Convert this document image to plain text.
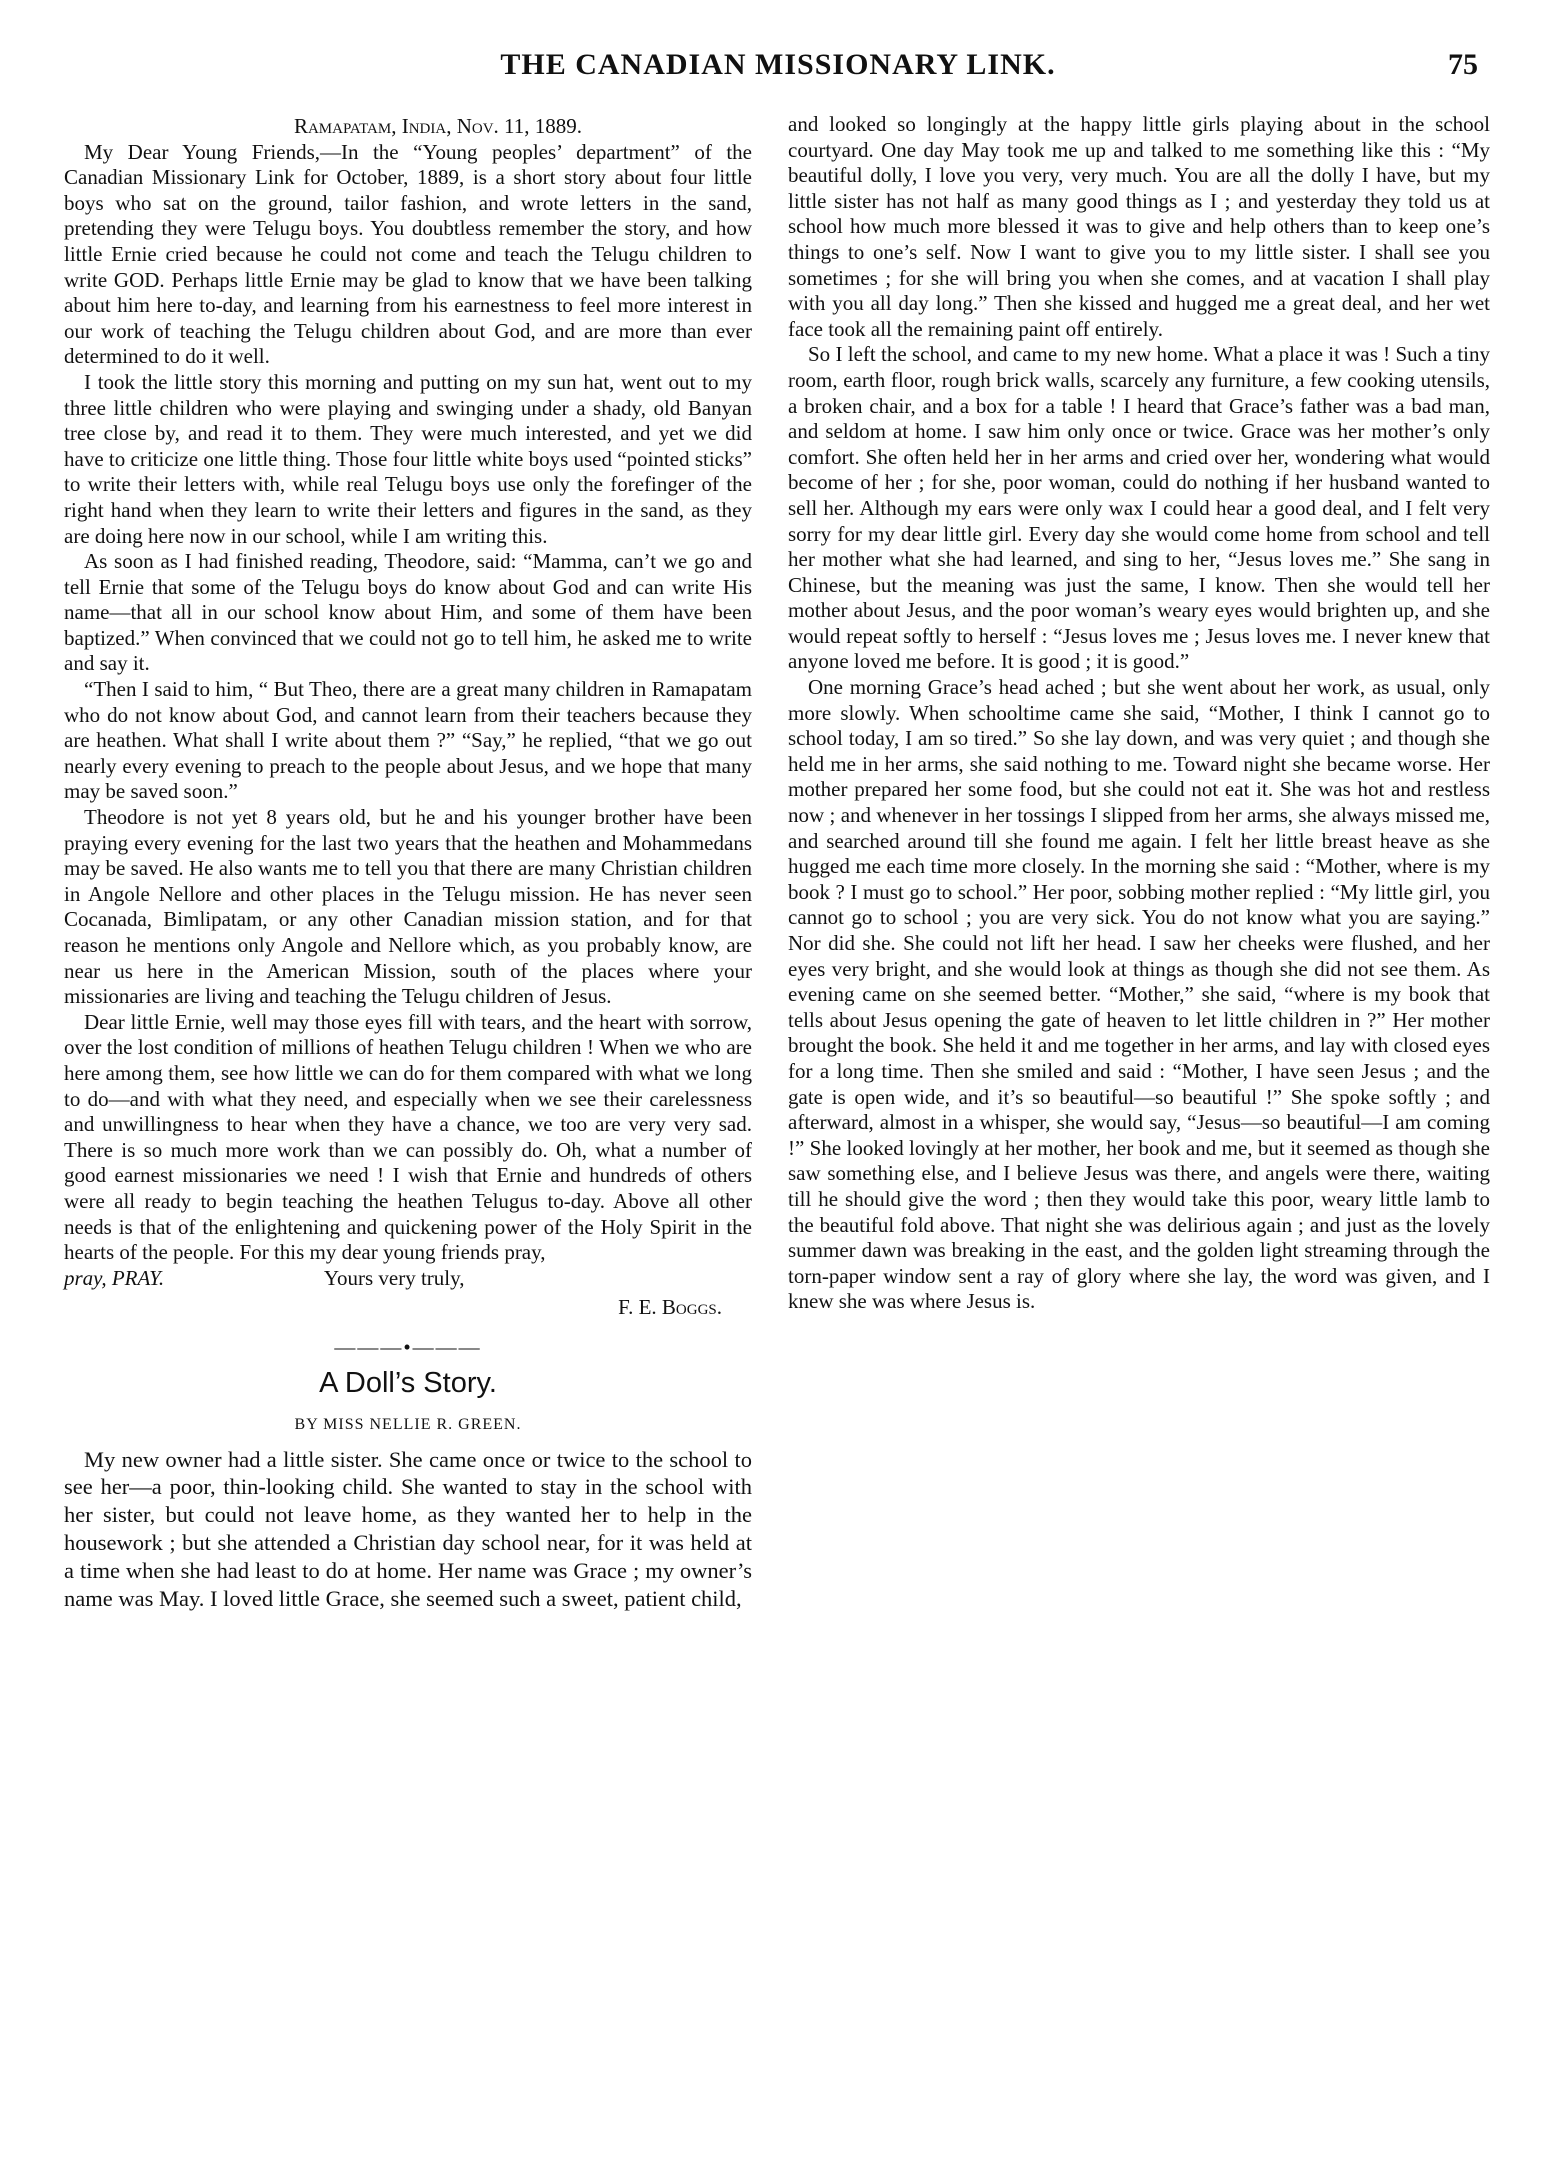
THE CANADIAN MISSIONARY LINK.	75
Ramapatam, India, Nov. 11, 1889.

My Dear Young Friends,—In the “Young peoples’ department” of the Canadian Missionary Link for October, 1889, is a short story about four little boys who sat on the ground, tailor fashion, and wrote letters in the sand, pretending they were Telugu boys. You doubtless remember the story, and how little Ernie cried because he could not come and teach the Telugu children to write GOD. Perhaps little Ernie may be glad to know that we have been talking about him here to-day, and learning from his earnestness to feel more interest in our work of teaching the Telugu children about God, and are more than ever determined to do it well.

I took the little story this morning and putting on my sun hat, went out to my three little children who were playing and swinging under a shady, old Banyan tree close by, and read it to them. They were much interested, and yet we did have to criticize one little thing. Those four little white boys used “pointed sticks” to write their letters with, while real Telugu boys use only the forefinger of the right hand when they learn to write their letters and figures in the sand, as they are doing here now in our school, while I am writing this.

As soon as I had finished reading, Theodore, said: “Mamma, can’t we go and tell Ernie that some of the Telugu boys do know about God and can write His name—that all in our school know about Him, and some of them have been baptized.” When convinced that we could not go to tell him, he asked me to write and say it.

“Then I said to him, “ But Theo, there are a great many children in Ramapatam who do not know about God, and cannot learn from their teachers because they are heathen. What shall I write about them ?” “Say,” he replied, “that we go out nearly every evening to preach to the people about Jesus, and we hope that many may be saved soon.”

Theodore is not yet 8 years old, but he and his younger brother have been praying every evening for the last two years that the heathen and Mohammedans may be saved. He also wants me to tell you that there are many Christian children in Angole Nellore and other places in the Telugu mission. He has never seen Cocanada, Bimlipatam, or any other Canadian mission station, and for that reason he mentions only Angole and Nellore which, as you probably know, are near us here in the American Mission, south of the places where your missionaries are living and teaching the Telugu children of Jesus.

Dear little Ernie, well may those eyes fill with tears, and the heart with sorrow, over the lost condition of millions of heathen Telugu children ! When we who are here among them, see how little we can do for them compared with what we long to do—and with what they need, and especially when we see their carelessness and unwillingness to hear when they have a chance, we too are very very sad. There is so much more work than we can possibly do. Oh, what a number of good earnest missionaries we need ! I wish that Ernie and hundreds of others were all ready to begin teaching the heathen Telugus to-day. Above all other needs is that of the enlightening and quickening power of the Holy Spirit in the hearts of the people. For this my dear young friends pray,

pray, PRAY.	Yours very truly,

F. E. Boggs.
———•———
A Doll’s Story.
BY MISS NELLIE R. GREEN.

My new owner had a little sister. She came once or twice to the school to see her—a poor, thin-looking child. She wanted to stay in the school with her sister, but could not leave home, as they wanted her to help in the housework ; but she attended a Christian day school near, for it was held at a time when she had least to do at home. Her name was Grace ; my owner’s name was May. I loved little Grace, she seemed such a sweet, patient child,

and looked so longingly at the happy little girls playing about in the school courtyard. One day May took me up and talked to me something like this : “My beautiful dolly, I love you very, very much. You are all the dolly I have, but my little sister has not half as many good things as I ; and yesterday they told us at school how much more blessed it was to give and help others than to keep one’s things to one’s self. Now I want to give you to my little sister. I shall see you sometimes ; for she will bring you when she comes, and at vacation I shall play with you all day long.” Then she kissed and hugged me a great deal, and her wet face took all the remaining paint off entirely.

So I left the school, and came to my new home. What a place it was ! Such a tiny room, earth floor, rough brick walls, scarcely any furniture, a few cooking utensils, a broken chair, and a box for a table ! I heard that Grace’s father was a bad man, and seldom at home. I saw him only once or twice. Grace was her mother’s only comfort. She often held her in her arms and cried over her, wondering what would become of her ; for she, poor woman, could do nothing if her husband wanted to sell her. Although my ears were only wax I could hear a good deal, and I felt very sorry for my dear little girl. Every day she would come home from school and tell her mother what she had learned, and sing to her, “Jesus loves me.” She sang in Chinese, but the meaning was just the same, I know. Then she would tell her mother about Jesus, and the poor woman’s weary eyes would brighten up, and she would repeat softly to herself : “Jesus loves me ; Jesus loves me. I never knew that anyone loved me before. It is good ; it is good.”

One morning Grace’s head ached ; but she went about her work, as usual, only more slowly. When schooltime came she said, “Mother, I think I cannot go to school today, I am so tired.” So she lay down, and was very quiet ; and though she held me in her arms, she said nothing to me. Toward night she became worse. Her mother prepared her some food, but she could not eat it. She was hot and restless now ; and whenever in her tossings I slipped from her arms, she always missed me, and searched around till she found me again. I felt her little breast heave as she hugged me each time more closely. In the morning she said : “Mother, where is my book ? I must go to school.” Her poor, sobbing mother replied : “My little girl, you cannot go to school ; you are very sick. You do not know what you are saying.” Nor did she. She could not lift her head. I saw her cheeks were flushed, and her eyes very bright, and she would look at things as though she did not see them. As evening came on she seemed better. “Mother,” she said, “where is my book that tells about Jesus opening the gate of heaven to let little children in ?” Her mother brought the book. She held it and me together in her arms, and lay with closed eyes for a long time. Then she smiled and said : “Mother, I have seen Jesus ; and the gate is open wide, and it’s so beautiful—so beautiful !” She spoke softly ; and afterward, almost in a whisper, she would say, “Jesus—so beautiful—I am coming !” She looked lovingly at her mother, her book and me, but it seemed as though she saw something else, and I believe Jesus was there, and angels were there, waiting till he should give the word ; then they would take this poor, weary little lamb to the beautiful fold above. That night she was delirious again ; and just as the lovely summer dawn was breaking in the east, and the golden light streaming through the torn-paper window sent a ray of glory where she lay, the word was given, and I knew she was where Jesus is.
